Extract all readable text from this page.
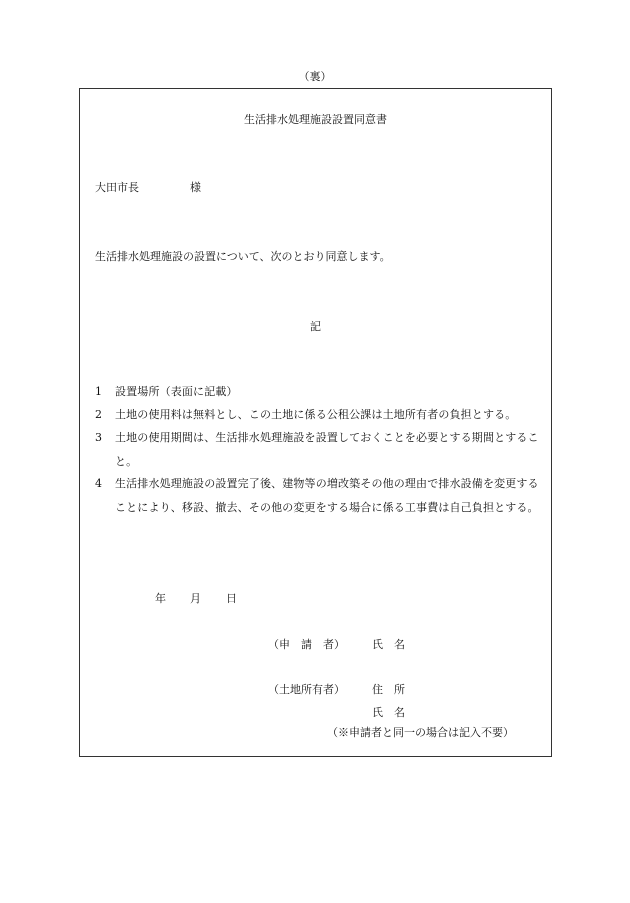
（裏）
生活排水処理施設設置同意書
大田市長	様
生活排水処理施設の設置について、次のとおり同意します。
記
1 設置場所（表面に記載）
2 土地の使用料は無料とし、この土地に係る公租公課は土地所有者の負担とする。
3 土地の使用期間は、生活排水処理施設を設置しておくことを必要とする期間とすること。
4 生活排水処理施設の設置完了後、建物等の増改築その他の理由で排水設備を変更することにより、移設、撤去、その他の変更をする場合に係る工事費は自己負担とする。
年 月 日
（申　請　者） 氏　名
（土地所有者） 住　所
氏　名
（※申請者と同一の場合は記入不要）
